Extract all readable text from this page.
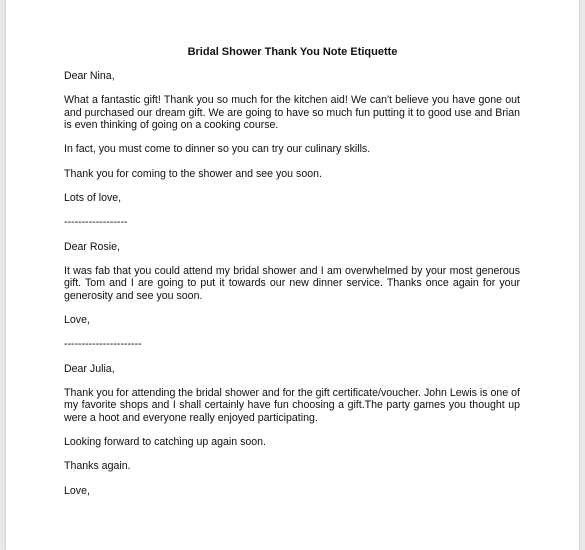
Bridal Shower Thank You Note Etiquette

Dear Nina,

What a fantastic gift! Thank you so much for the kitchen aid! We can't believe you have gone out and purchased our dream gift. We are going to have so much fun putting it to good use and Brian is even thinking of going on a cooking course.

In fact, you must come to dinner so you can try our culinary skills.

Thank you for coming to the shower and see you soon.

Lots of love,

------------------

Dear Rosie,

It was fab that you could attend my bridal shower and I am overwhelmed by your most generous gift. Tom and I are going to put it towards our new dinner service. Thanks once again for your generosity and see you soon.

Love,

----------------------

Dear Julia,

Thank you for attending the bridal shower and for the gift certificate/voucher. John Lewis is one of my favorite shops and I shall certainly have fun choosing a gift.The party games you thought up were a hoot and everyone really enjoyed participating.

Looking forward to catching up again soon.

Thanks again.

Love,
